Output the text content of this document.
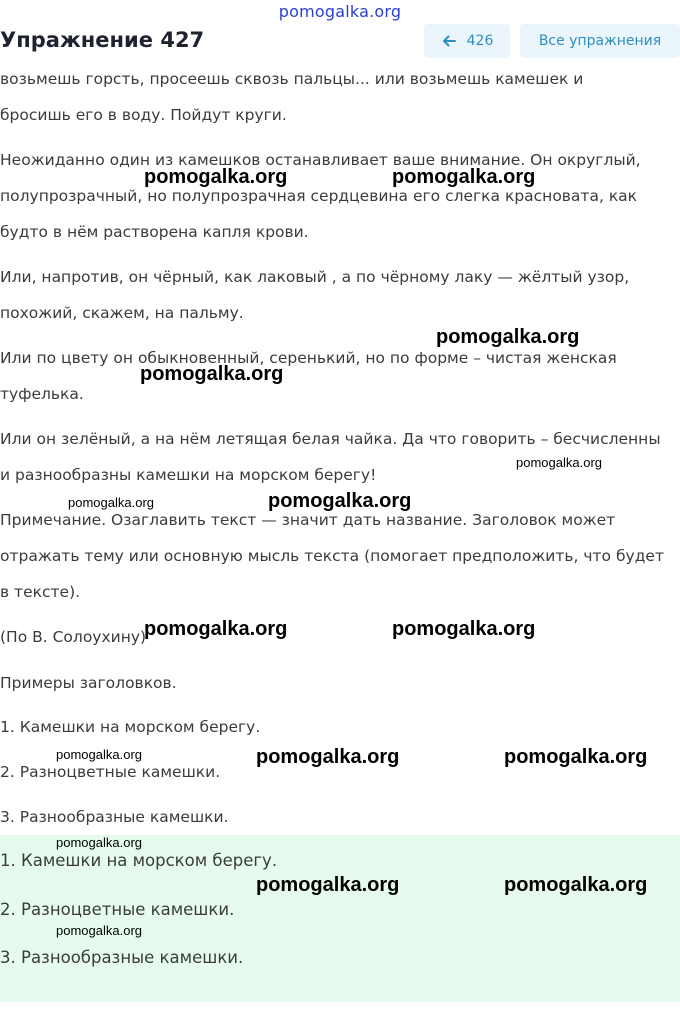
pomogalka.org
Упражнение 427	426	Все упражнения
возьмешь горсть, просеешь сквозь пальцы... или возьмешь камешек и
бросишь его в воду. Пойдут круги.
Неожиданно один из камешков останавливает ваше внимание. Он округлый,
полупрозрачный, но полупрозрачная сердцевина его слегка красновата, как
будто в нём растворена капля крови.
Или, напротив, он чёрный, как лаковый , а по чёрному лаку — жёлтый узор,
похожий, скажем, на пальму.
Или по цвету он обыкновенный, серенький, но по форме – чистая женская
туфелька.
Или он зелёный, а на нём летящая белая чайка. Да что говорить – бесчисленны
и разнообразны камешки на морском берегу!
Примечание. Озаглавить текст — значит дать название. Заголовок может
отражать тему или основную мысль текста (помогает предположить, что будет
в тексте).
(По В. Солоухину)
Примеры заголовков.
1. Камешки на морском берегу.
2. Разноцветные камешки.
3. Разнообразные камешки.
1. Камешки на морском берегу.
2. Разноцветные камешки.
3. Разнообразные камешки.
pomogalka.org	pomogalka.org
pomogalka.org
pomogalka.org
pomogalka.org
pomogalka.org	pomogalka.org
pomogalka.org	pomogalka.org
pomogalka.org	pomogalka.org	pomogalka.org
pomogalka.org
pomogalka.org	pomogalka.org
pomogalka.org
